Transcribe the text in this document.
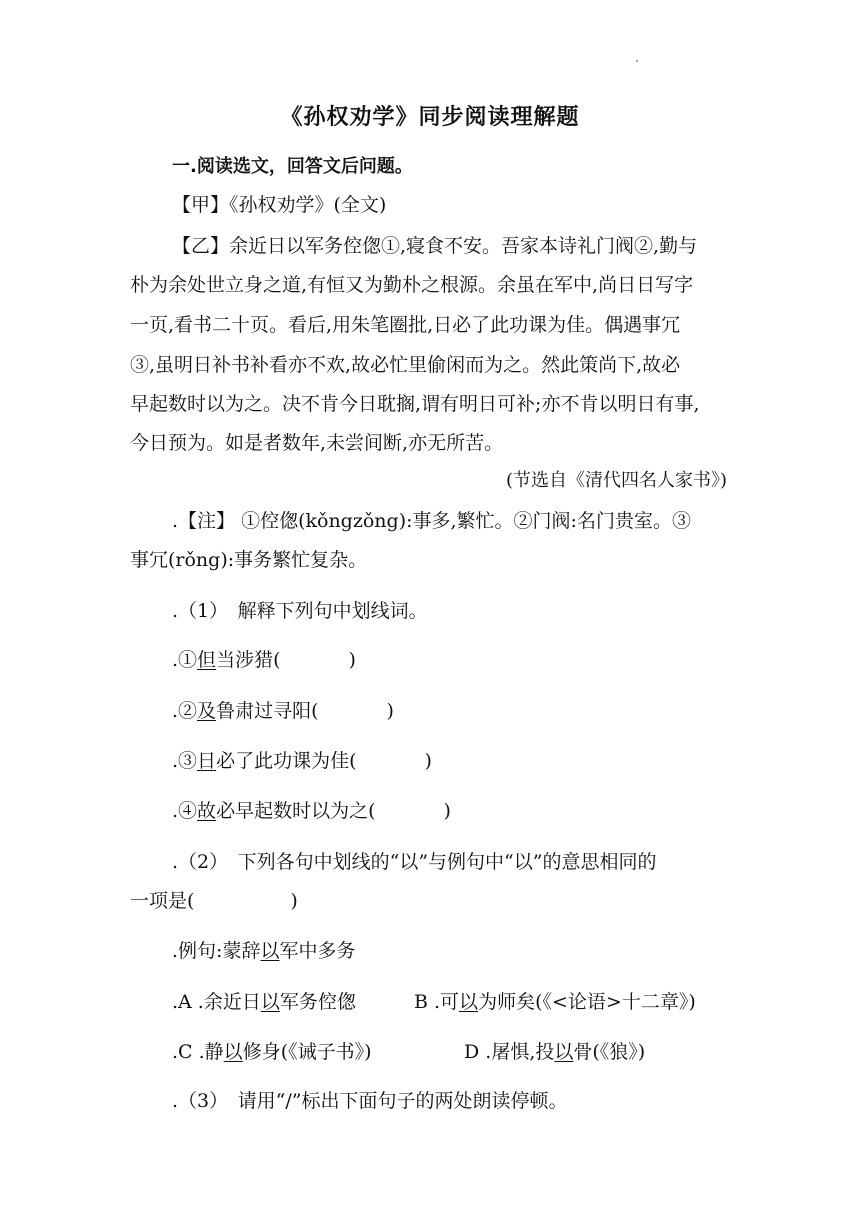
《孙权劝学》同步阅读理解题
一.阅读选文，回答文后问题。
【甲】《孙权劝学》(全文)
【乙】余近日以军务倥偬①,寝食不安。吾家本诗礼门阀②,勤与
朴为余处世立身之道,有恒又为勤朴之根源。余虽在军中,尚日日写字
一页,看书二十页。看后,用朱笔圈批,日必了此功课为佳。偶遇事冗
③,虽明日补书补看亦不欢,故必忙里偷闲而为之。然此策尚下,故必
早起数时以为之。决不肯今日耽搁,谓有明日可补;亦不肯以明日有事,
今日预为。如是者数年,未尝间断,亦无所苦。
(节选自《清代四名人家书》)
.【注】 ①倥偬(kǒngzǒng):事多,繁忙。②门阀:名门贵室。③
事冗(rǒng):事务繁忙复杂。
.（1）　解释下列句中划线词。
.①但当涉猎(	)
.②及鲁肃过寻阳(	)
.③日必了此功课为佳(	)
.④故必早起数时以为之(	)
.（2）　下列各句中划线的“以”与例句中“以”的意思相同的
一项是(	)
.例句:蒙辞以军中多务
.A .余近日以军务倥偬	B .可以为师矣(《<论语>十二章》)
.C .静以修身(《诫子书》)	D .屠惧,投以骨(《狼》)
.（3）　请用“/”标出下面句子的两处朗读停顿。
